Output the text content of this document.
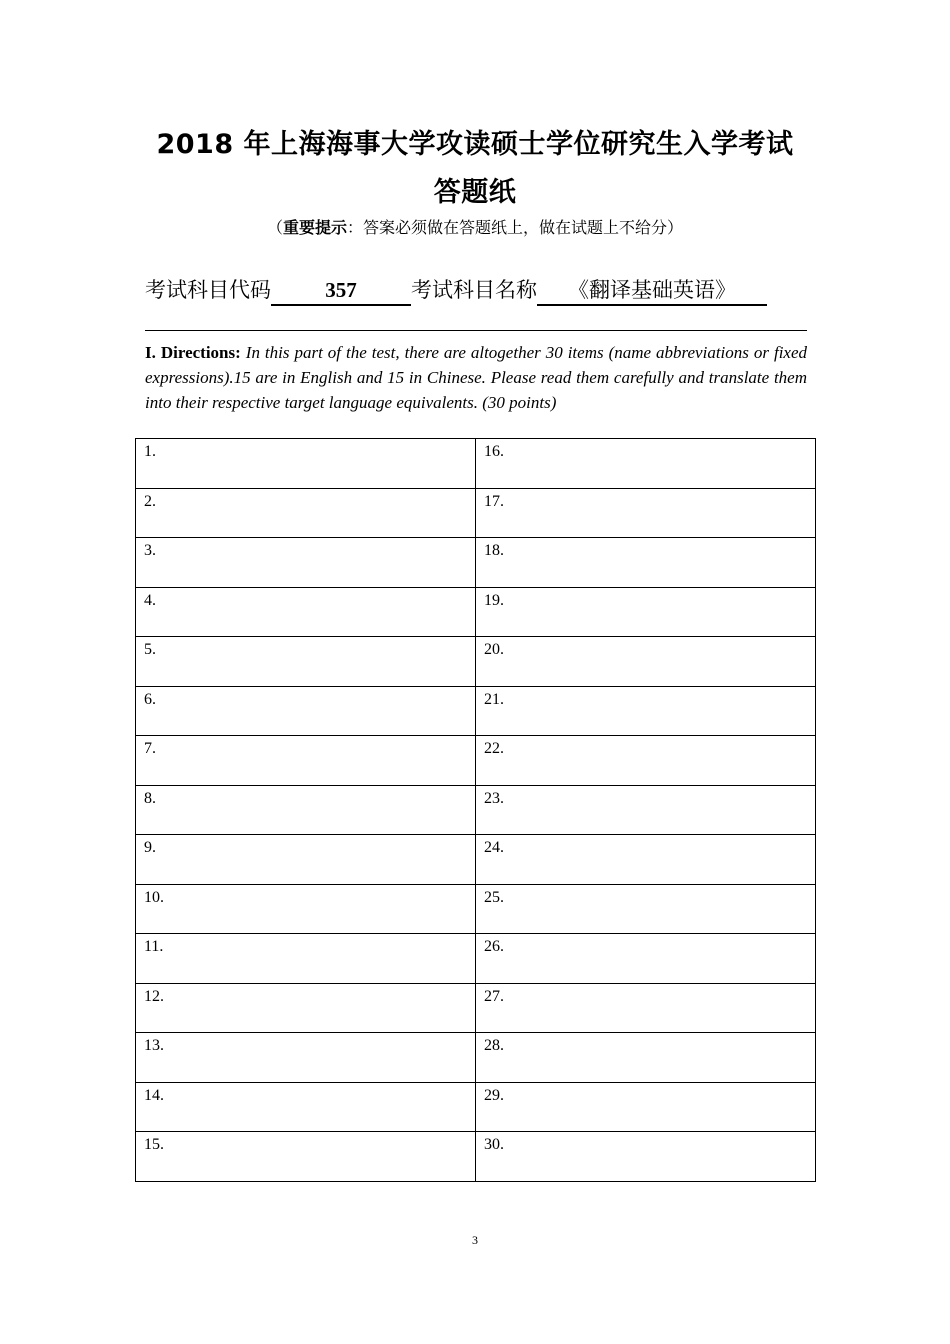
2018 年上海海事大学攻读硕士学位研究生入学考试
答题纸
（重要提示：答案必须做在答题纸上，做在试题上不给分）
考试科目代码	357	考试科目名称 《翻译基础英语》
I. Directions: In this part of the test, there are altogether 30 items (name abbreviations or fixed expressions).15 are in English and 15 in Chinese. Please read them carefully and translate them into their respective target language equivalents. (30 points)
1.	16.
2.	17.
3.	18.
4.	19.
5.	20.
6.	21.
7.	22.
8.	23.
9.	24.
10.	25.
11.	26.
12.	27.
13.	28.
14.	29.
15.	30.
3
